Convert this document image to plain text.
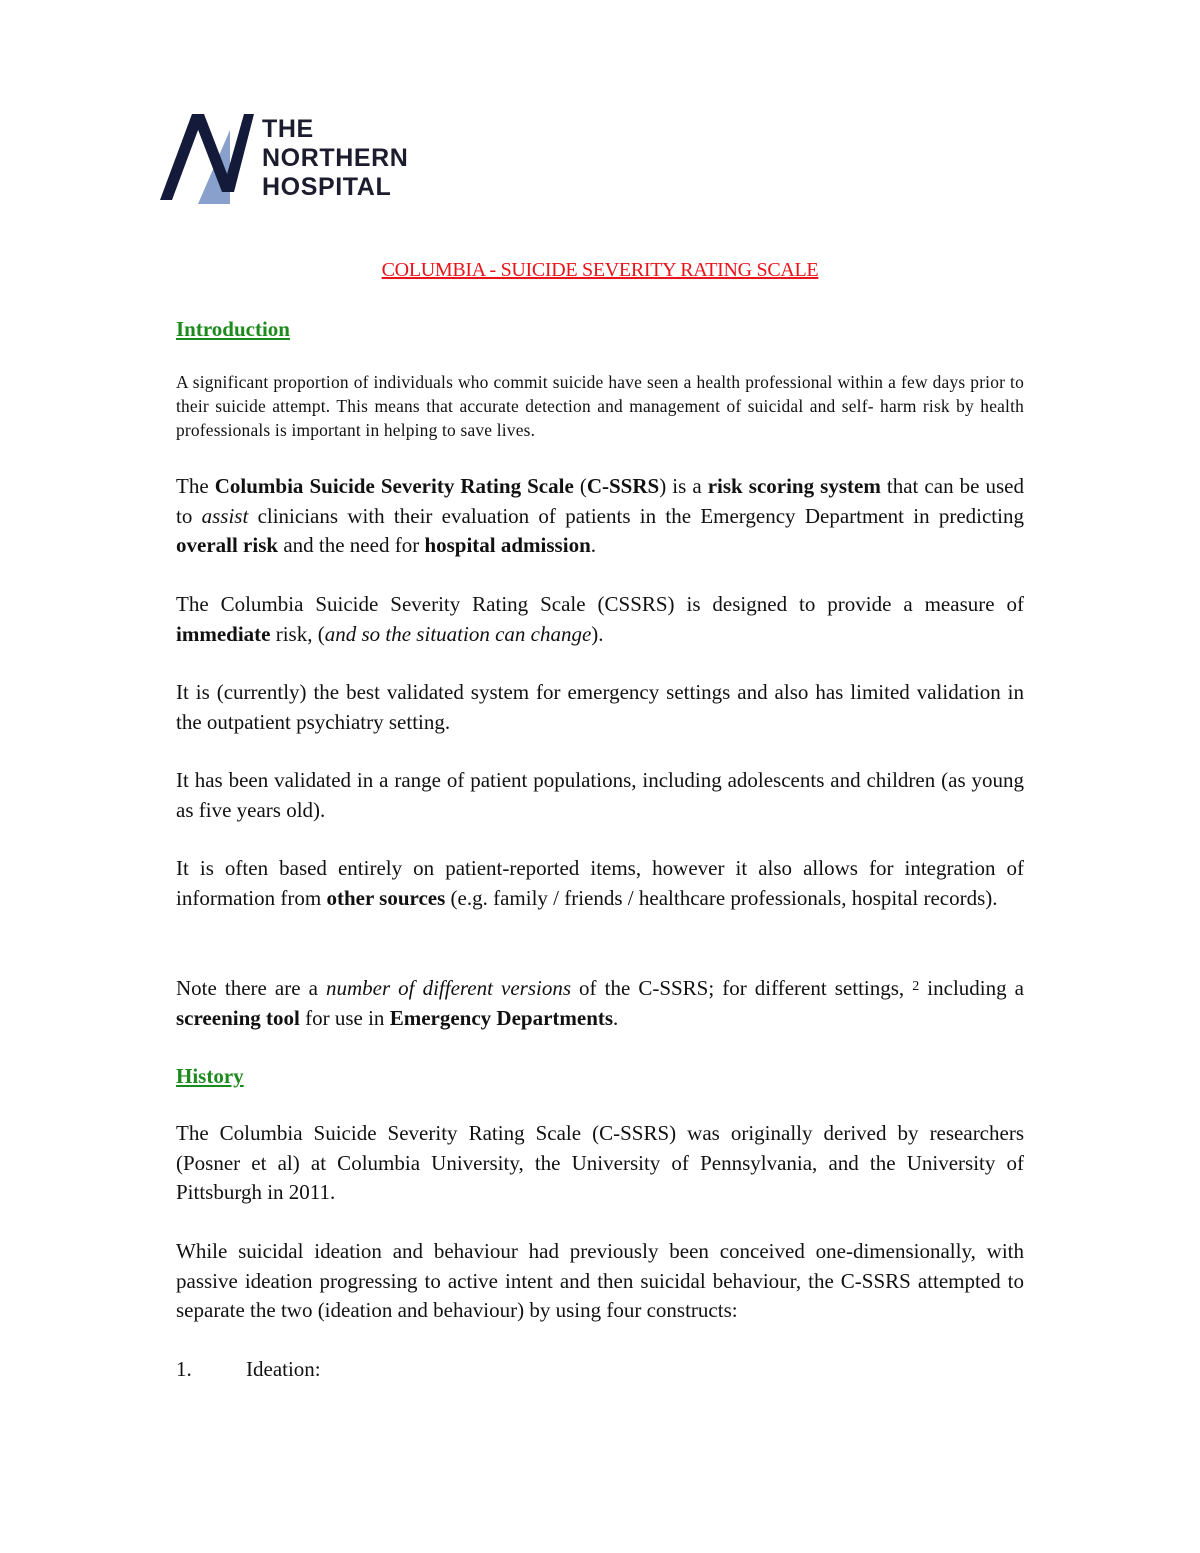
THE
NORTHERN
HOSPITAL
COLUMBIA - SUICIDE SEVERITY RATING SCALE
Introduction
A significant proportion of individuals who commit suicide have seen a health professional within a few days prior to their suicide attempt. This means that accurate detection and management of suicidal and self- harm risk by health professionals is important in helping to save lives.
The Columbia Suicide Severity Rating Scale (C-SSRS) is a risk scoring system that can be used to assist clinicians with their evaluation of patients in the Emergency Department in predicting overall risk and the need for hospital admission.
The Columbia Suicide Severity Rating Scale (CSSRS) is designed to provide a measure of immediate risk, (and so the situation can change).
It is (currently) the best validated system for emergency settings and also has limited validation in the outpatient psychiatry setting.
It has been validated in a range of patient populations, including adolescents and children (as young as five years old).
It is often based entirely on patient-reported items, however it also allows for integration of information from other sources (e.g. family / friends / healthcare professionals, hospital records).
Note there are a number of different versions of the C-SSRS; for different settings, $^2$ including a screening tool for use in Emergency Departments.
History
The Columbia Suicide Severity Rating Scale (C-SSRS) was originally derived by researchers (Posner et al) at Columbia University, the University of Pennsylvania, and the University of Pittsburgh in 2011.
While suicidal ideation and behaviour had previously been conceived one-dimensionally, with passive ideation progressing to active intent and then suicidal behaviour, the C-SSRS attempted to separate the two (ideation and behaviour) by using four constructs:
1.	Ideation:
